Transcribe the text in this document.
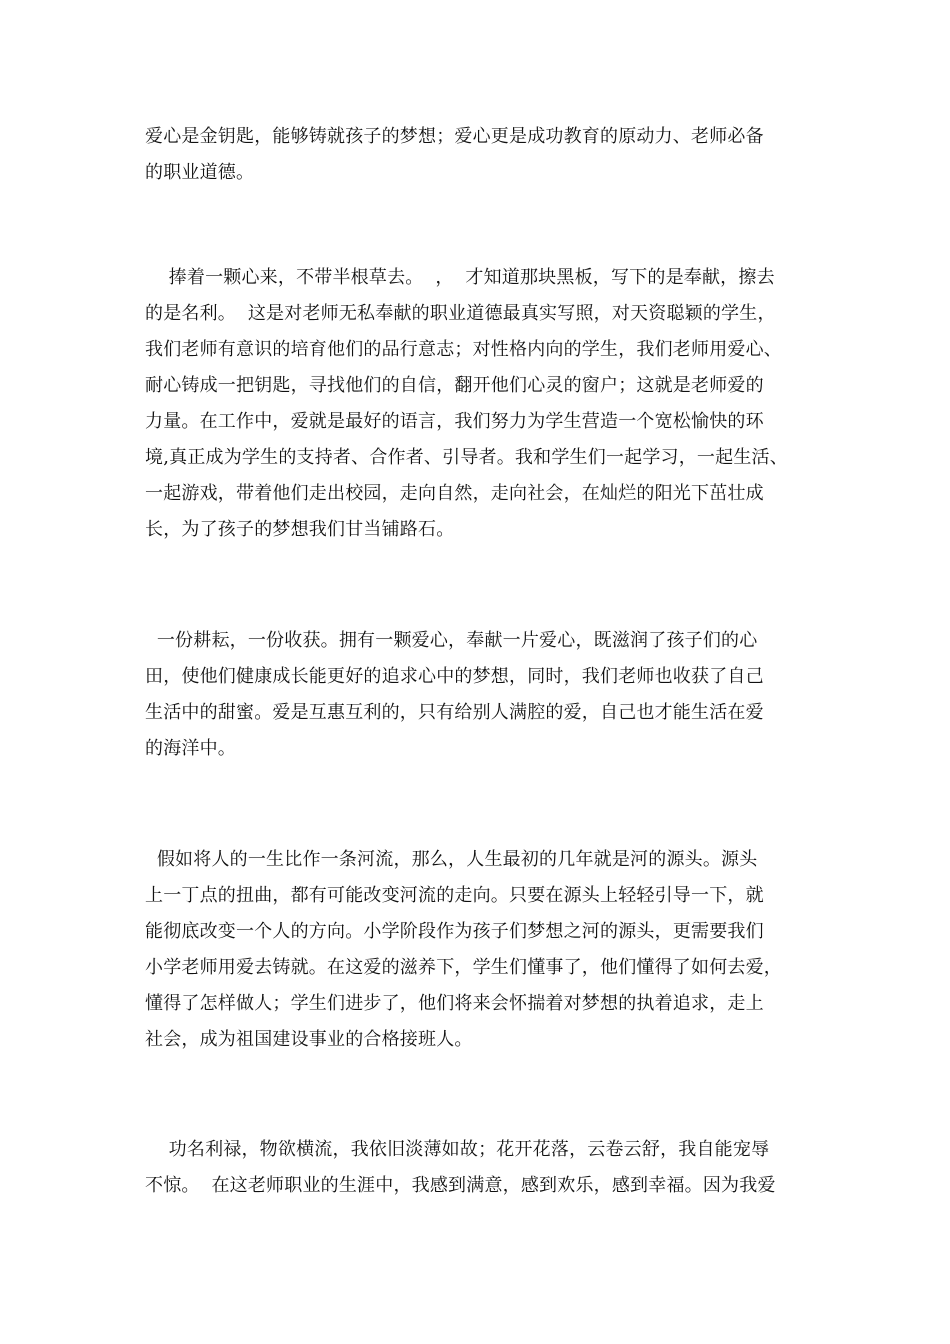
爱心是金钥匙，能够铸就孩子的梦想；爱心更是成功教育的原动力、老师必备
的职业道德。
捧着一颗心来，不带半根草去。  ，  才知道那块黑板，写下的是奉献，擦去
的是名利。  这是对老师无私奉献的职业道德最真实写照，对天资聪颖的学生，
我们老师有意识的培育他们的品行意志；对性格内向的学生，我们老师用爱心、
耐心铸成一把钥匙，寻找他们的自信，翻开他们心灵的窗户；这就是老师爱的
力量。在工作中，爱就是最好的语言，我们努力为学生营造一个宽松愉快的环
境,真正成为学生的支持者、合作者、引导者。我和学生们一起学习，一起生活、
一起游戏，带着他们走出校园，走向自然，走向社会，在灿烂的阳光下茁壮成
长，为了孩子的梦想我们甘当铺路石。
一份耕耘，一份收获。拥有一颗爱心，奉献一片爱心，既滋润了孩子们的心
田，使他们健康成长能更好的追求心中的梦想，同时，我们老师也收获了自己
生活中的甜蜜。爱是互惠互利的，只有给别人满腔的爱，自己也才能生活在爱
的海洋中。
假如将人的一生比作一条河流，那么，人生最初的几年就是河的源头。源头
上一丁点的扭曲，都有可能改变河流的走向。只要在源头上轻轻引导一下，就
能彻底改变一个人的方向。小学阶段作为孩子们梦想之河的源头，更需要我们
小学老师用爱去铸就。在这爱的滋养下，学生们懂事了，他们懂得了如何去爱，
懂得了怎样做人；学生们进步了，他们将来会怀揣着对梦想的执着追求，走上
社会，成为祖国建设事业的合格接班人。
功名利禄，物欲横流，我依旧淡薄如故；花开花落，云卷云舒，我自能宠辱
不惊。  在这老师职业的生涯中，我感到满意，感到欢乐，感到幸福。因为我爱
